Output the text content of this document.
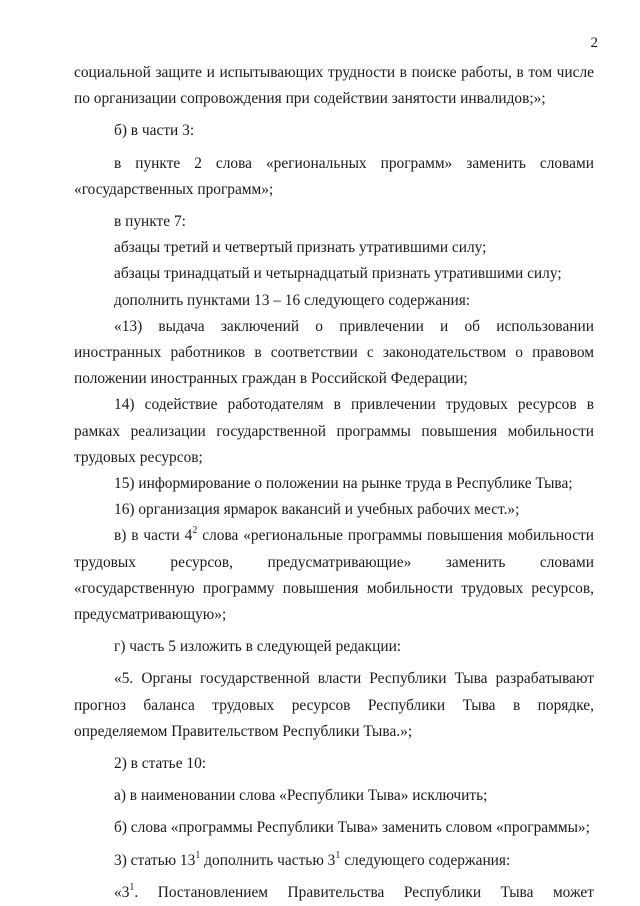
2

социальной защите и испытывающих трудности в поиске работы, в том числе по организации сопровождения при содействии занятости инвалидов;»;

б) в части 3:

в пункте 2 слова «региональных программ» заменить словами «государственных программ»;

в пункте 7:

абзацы третий и четвертый признать утратившими силу;

абзацы тринадцатый и четырнадцатый признать утратившими силу;

дополнить пунктами 13 – 16 следующего содержания:

«13) выдача заключений о привлечении и об использовании иностранных работников в соответствии с законодательством о правовом положении иностранных граждан в Российской Федерации;

14) содействие работодателям в привлечении трудовых ресурсов в рамках реализации государственной программы повышения мобильности трудовых ресурсов;

15) информирование о положении на рынке труда в Республике Тыва;

16) организация ярмарок вакансий и учебных рабочих мест.»;

в) в части $4^2$ слова «региональные программы повышения мобильности трудовых ресурсов, предусматривающие» заменить словами «государственную программу повышения мобильности трудовых ресурсов, предусматривающую»;

г) часть 5 изложить в следующей редакции:

«5. Органы государственной власти Республики Тыва разрабатывают прогноз баланса трудовых ресурсов Республики Тыва в порядке, определяемом Правительством Республики Тыва.»;

2) в статье 10:

а) в наименовании слова «Республики Тыва» исключить;

б) слова «программы Республики Тыва» заменить словом «программы»;

3) статью $13^1$ дополнить частью $3^1$ следующего содержания:

«$3^1$. Постановлением Правительства Республики Тыва может
